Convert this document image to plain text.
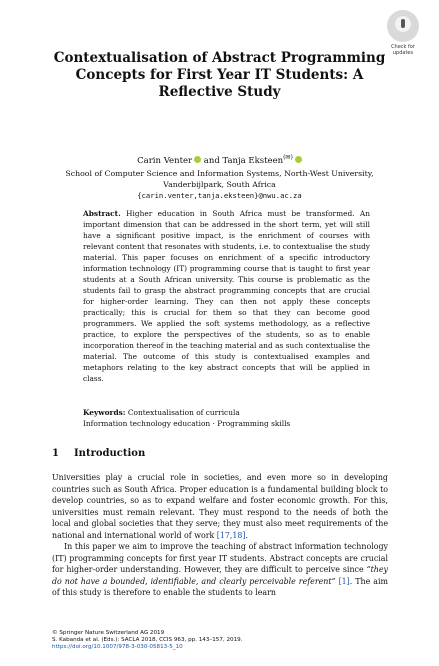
Check for
updates
Contextualisation of Abstract Programming Concepts for First Year IT Students: A Reflective Study
Carin Venter and Tanja Eksteen(✉)
School of Computer Science and Information Systems, North-West University,
Vanderbijlpark, South Africa
{carin.venter,tanja.eksteen}@nwu.ac.za

Abstract. Higher education in South Africa must be transformed. An important dimension that can be addressed in the short term, yet will still have a significant positive impact, is the enrichment of courses with relevant content that resonates with students, i.e. to contextualise the study material. This paper focuses on enrichment of a specific introductory information technology (IT) programming course that is taught to first year students at a South African university. This course is problematic as the students fail to grasp the abstract programming concepts that are crucial for higher-order learning. They can then not apply these concepts practically; this is crucial for them so that they can become good programmers. We applied the soft systems methodology, as a reflective practice, to explore the perspectives of the students, so as to enable incorporation thereof in the teaching material and as such contextualise the material. The outcome of this study is contextualised examples and metaphors relating to the key abstract concepts that will be applied in class.

Keywords: Contextualisation of curricula
Information technology education · Programming skills
1 Introduction

Universities play a crucial role in societies, and even more so in developing countries such as South Africa. Proper education is a fundamental building block to develop countries, so as to expand welfare and foster economic growth. For this, universities must remain relevant. They must respond to the needs of both the local and global societies that they serve; they must also meet requirements of the national and international world of work [17,18].

In this paper we aim to improve the teaching of abstract information technology (IT) programming concepts for first year IT students. Abstract concepts are crucial for higher-order understanding. However, they are difficult to perceive since “they do not have a bounded, identifiable, and clearly perceivable referent” [1]. The aim of this study is therefore to enable the students to learn

© Springer Nature Switzerland AG 2019
S. Kabanda et al. (Eds.): SACLA 2018, CCIS 963, pp. 143–157, 2019.
https://doi.org/10.1007/978-3-030-05813-5_10
